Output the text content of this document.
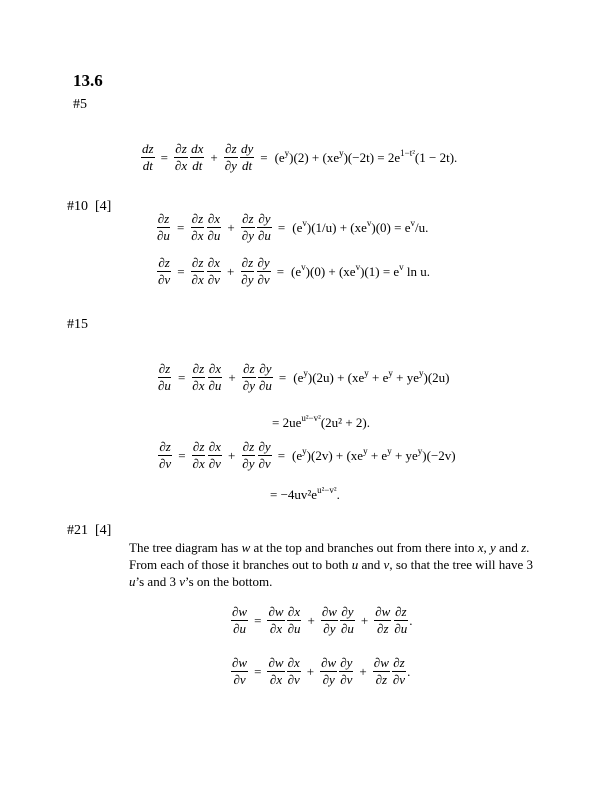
13.6
#5
$\frac{dz}{dt} = \frac{\partial z}{\partial x} \frac{dx}{dt} + \frac{\partial z}{\partial y} \frac{dy}{dt} = (e^y)(2) + (xe^y)(-2t) = 2e^{1-t^2}(1 - 2t)$.
#10 [4]
$\frac{\partial z}{\partial u} = \frac{\partial z}{\partial x} \frac{\partial x}{\partial u} + \frac{\partial z}{\partial y} \frac{\partial y}{\partial u} = (e^v)(1/u) + (xe^v)(0) = e^v/u$.
$\frac{\partial z}{\partial v} = \frac{\partial z}{\partial x} \frac{\partial x}{\partial v} + \frac{\partial z}{\partial y} \frac{\partial y}{\partial v} = (e^v)(0) + (xe^v)(1) = e^v$ ln u.
#15
$\frac{\partial z}{\partial u} = \frac{\partial z}{\partial x} \frac{\partial x}{\partial u} + \frac{\partial z}{\partial y} \frac{\partial y}{\partial u} = (e^y)(2u) + (xe^y + e^y + ye^y)(2u)$
= $2ue^{u^2-v^2}(2u^2 + 2)$.
$\frac{\partial z}{\partial v} = \frac{\partial z}{\partial x} \frac{\partial x}{\partial v} + \frac{\partial z}{\partial y} \frac{\partial y}{\partial v} = (e^y)(2v) + (xe^y + e^y + ye^y)(-2v)$
= $-4uv^2e^{u^2-v^2}$.
#21 [4]
The tree diagram has w at the top and branches out from there into x, y and z. From each of those it branches out to both u and v, so that the tree will have 3 u’s and 3 v’s on the bottom.
$\frac{\partial w}{\partial u} = \frac{\partial w}{\partial x} \frac{\partial x}{\partial u} + \frac{\partial w}{\partial y} \frac{\partial y}{\partial u} + \frac{\partial w}{\partial z} \frac{\partial z}{\partial u}$ .
$\frac{\partial w}{\partial v} = \frac{\partial w}{\partial x} \frac{\partial x}{\partial v} + \frac{\partial w}{\partial y} \frac{\partial y}{\partial v} + \frac{\partial w}{\partial z} \frac{\partial z}{\partial v}$ .
